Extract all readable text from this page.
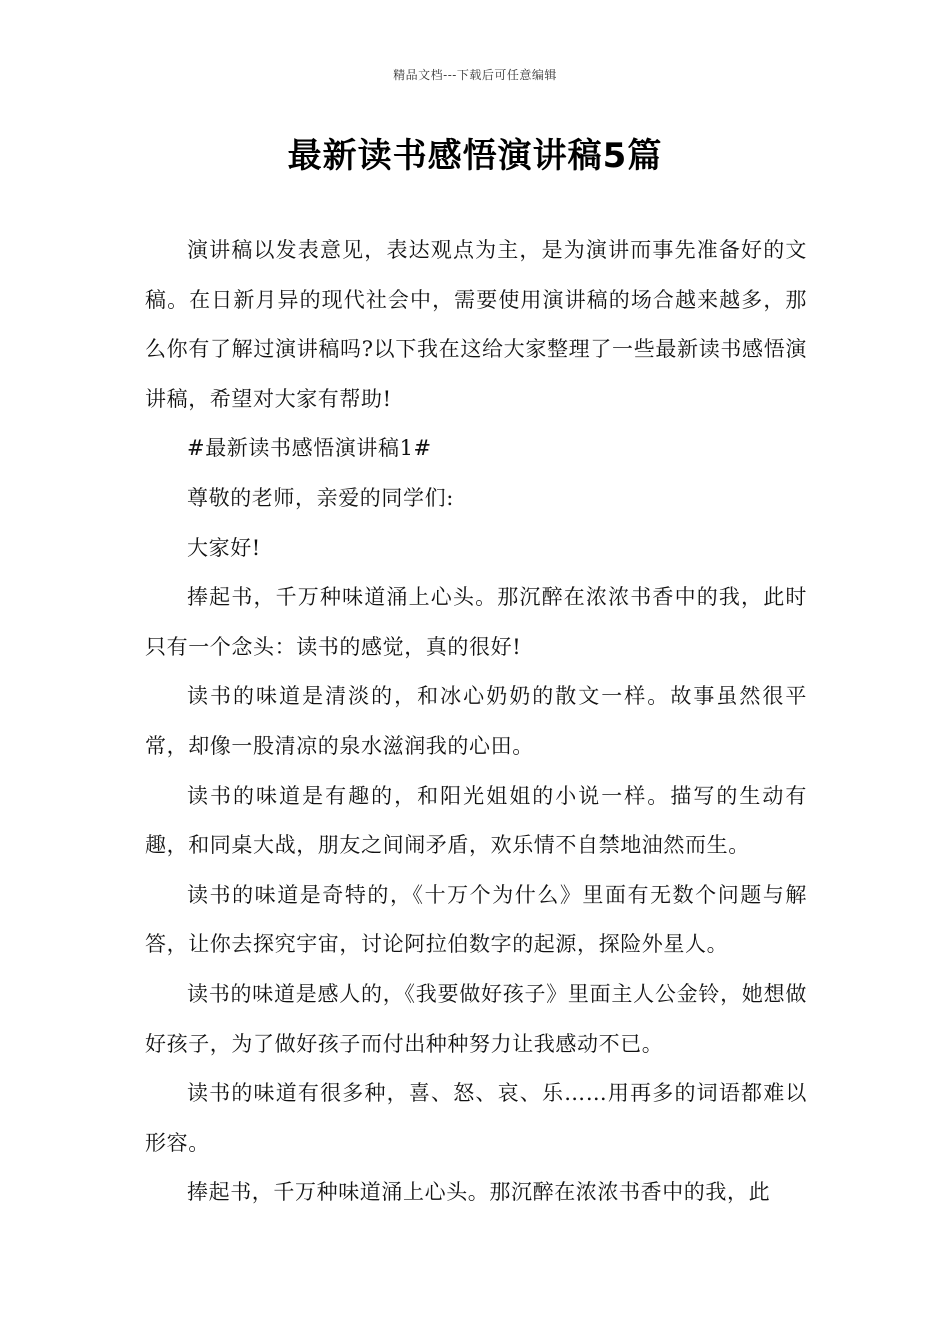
精品文档---下载后可任意编辑
最新读书感悟演讲稿5篇

演讲稿以发表意见，表达观点为主，是为演讲而事先准备好的文稿。在日新月异的现代社会中，需要使用演讲稿的场合越来越多，那么你有了解过演讲稿吗?以下我在这给大家整理了一些最新读书感悟演讲稿，希望对大家有帮助!

#最新读书感悟演讲稿1#

尊敬的老师，亲爱的同学们:

大家好!

捧起书，千万种味道涌上心头。那沉醉在浓浓书香中的我，此时只有一个念头：读书的感觉，真的很好!

读书的味道是清淡的，和冰心奶奶的散文一样。故事虽然很平常，却像一股清凉的泉水滋润我的心田。

读书的味道是有趣的，和阳光姐姐的小说一样。描写的生动有趣，和同桌大战，朋友之间闹矛盾，欢乐情不自禁地油然而生。

读书的味道是奇特的，《十万个为什么》里面有无数个问题与解答，让你去探究宇宙，讨论阿拉伯数字的起源，探险外星人。

读书的味道是感人的，《我要做好孩子》里面主人公金铃，她想做好孩子，为了做好孩子而付出种种努力让我感动不已。

读书的味道有很多种，喜、怒、哀、乐……用再多的词语都难以形容。

捧起书，千万种味道涌上心头。那沉醉在浓浓书香中的我，此
